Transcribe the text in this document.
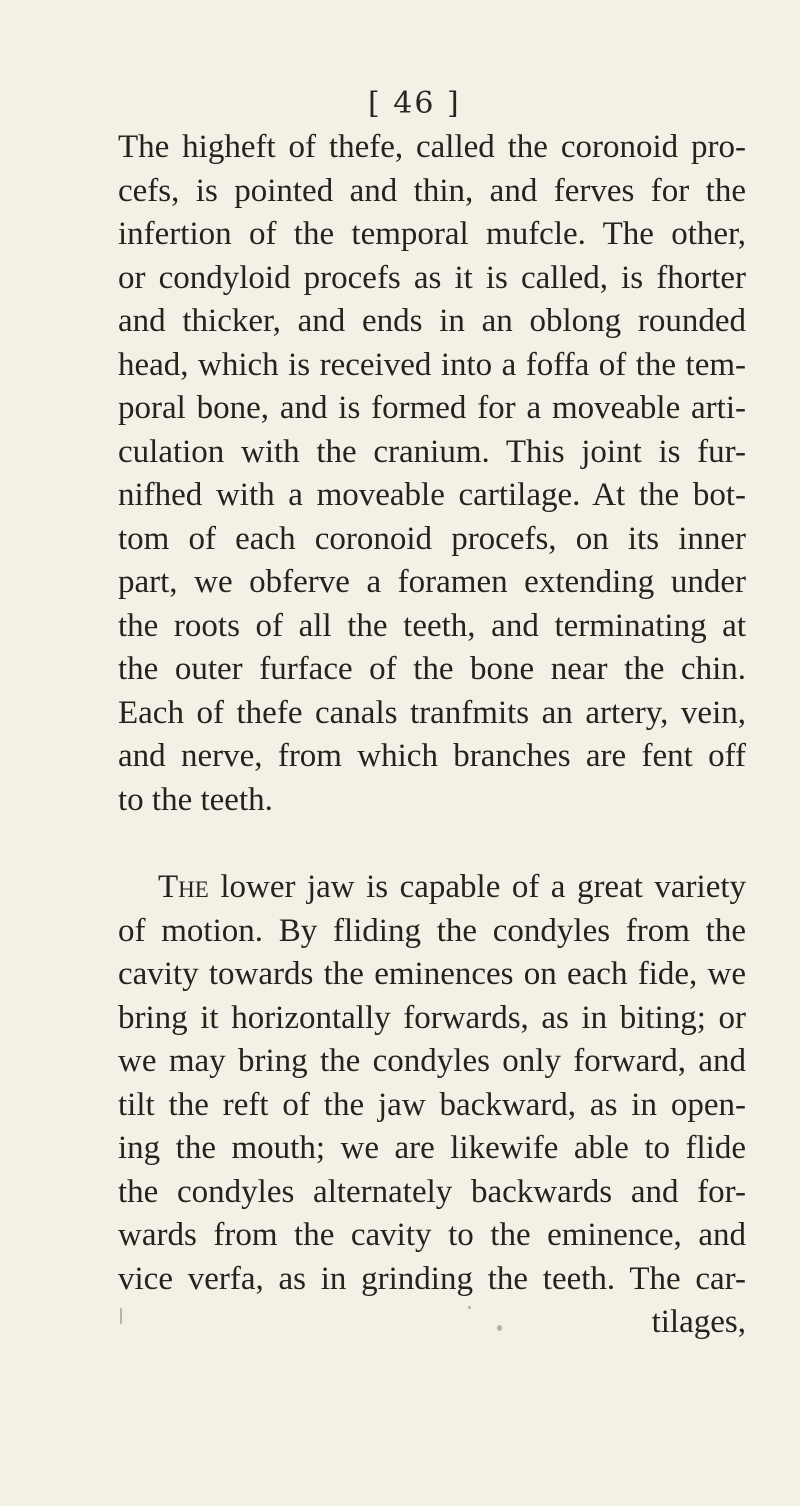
[ 46 ]
The higheft of thefe, called the coronoid pro-
cefs, is pointed and thin, and ferves for the
infertion of the temporal mufcle. The other,
or condyloid procefs as it is called, is fhorter
and thicker, and ends in an oblong rounded
head, which is received into a foffa of the tem-
poral bone, and is formed for a moveable arti-
culation with the cranium. This joint is fur-
nifhed with a moveable cartilage. At the bot-
tom of each coronoid procefs, on its inner
part, we obferve a foramen extending under
the roots of all the teeth, and terminating at
the outer furface of the bone near the chin.
Each of thefe canals tranfmits an artery, vein,
and nerve, from which branches are fent off
to the teeth.
The lower jaw is capable of a great variety
of motion. By fliding the condyles from the
cavity towards the eminences on each fide, we
bring it horizontally forwards, as in biting; or
we may bring the condyles only forward, and
tilt the reft of the jaw backward, as in open-
ing the mouth; we are likewife able to flide
the condyles alternately backwards and for-
wards from the cavity to the eminence, and
vice verfa, as in grinding the teeth. The car-
tilages,
